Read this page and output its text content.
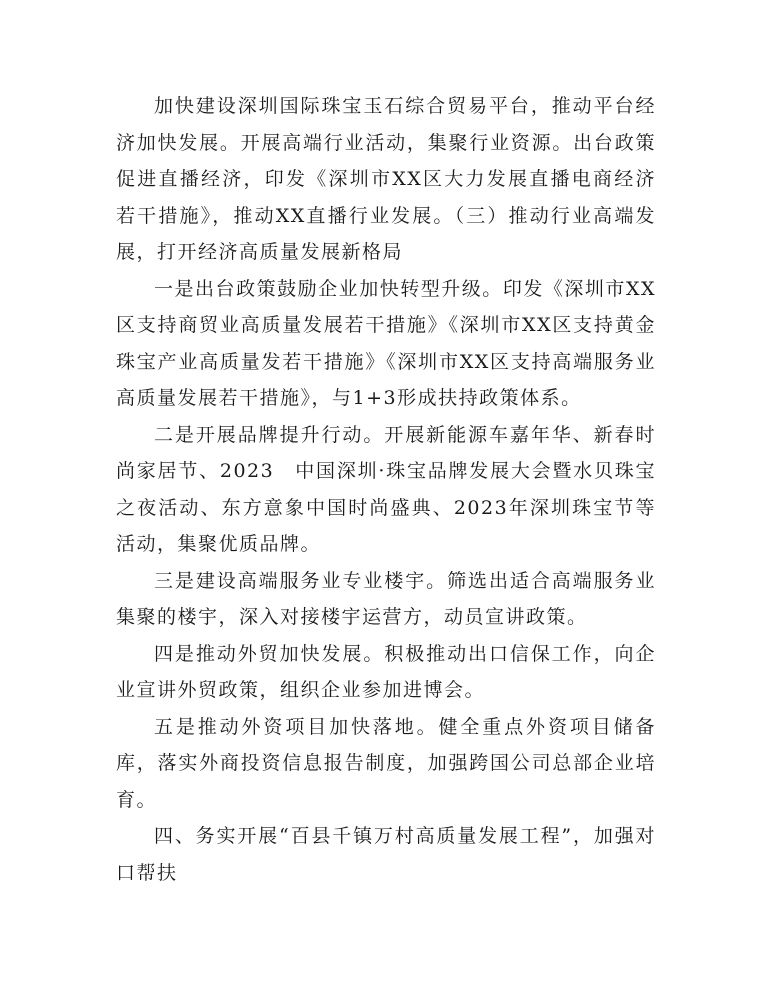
加快建设深圳国际珠宝玉石综合贸易平台，推动平台经济加快发展。开展高端行业活动，集聚行业资源。出台政策促进直播经济，印发《深圳市XX区大力发展直播电商经济若干措施》，推动XX直播行业发展。（三）推动行业高端发展，打开经济高质量发展新格局

一是出台政策鼓励企业加快转型升级。印发《深圳市XX区支持商贸业高质量发展若干措施》《深圳市XX区支持黄金珠宝产业高质量发若干措施》《深圳市XX区支持高端服务业高质量发展若干措施》，与1+3形成扶持政策体系。

二是开展品牌提升行动。开展新能源车嘉年华、新春时尚家居节、2023　中国深圳·珠宝品牌发展大会暨水贝珠宝之夜活动、东方意象中国时尚盛典、2023年深圳珠宝节等活动，集聚优质品牌。

三是建设高端服务业专业楼宇。筛选出适合高端服务业集聚的楼宇，深入对接楼宇运营方，动员宣讲政策。

四是推动外贸加快发展。积极推动出口信保工作，向企业宣讲外贸政策，组织企业参加进博会。

五是推动外资项目加快落地。健全重点外资项目储备库，落实外商投资信息报告制度，加强跨国公司总部企业培育。

四、务实开展“百县千镇万村高质量发展工程”，加强对口帮扶
